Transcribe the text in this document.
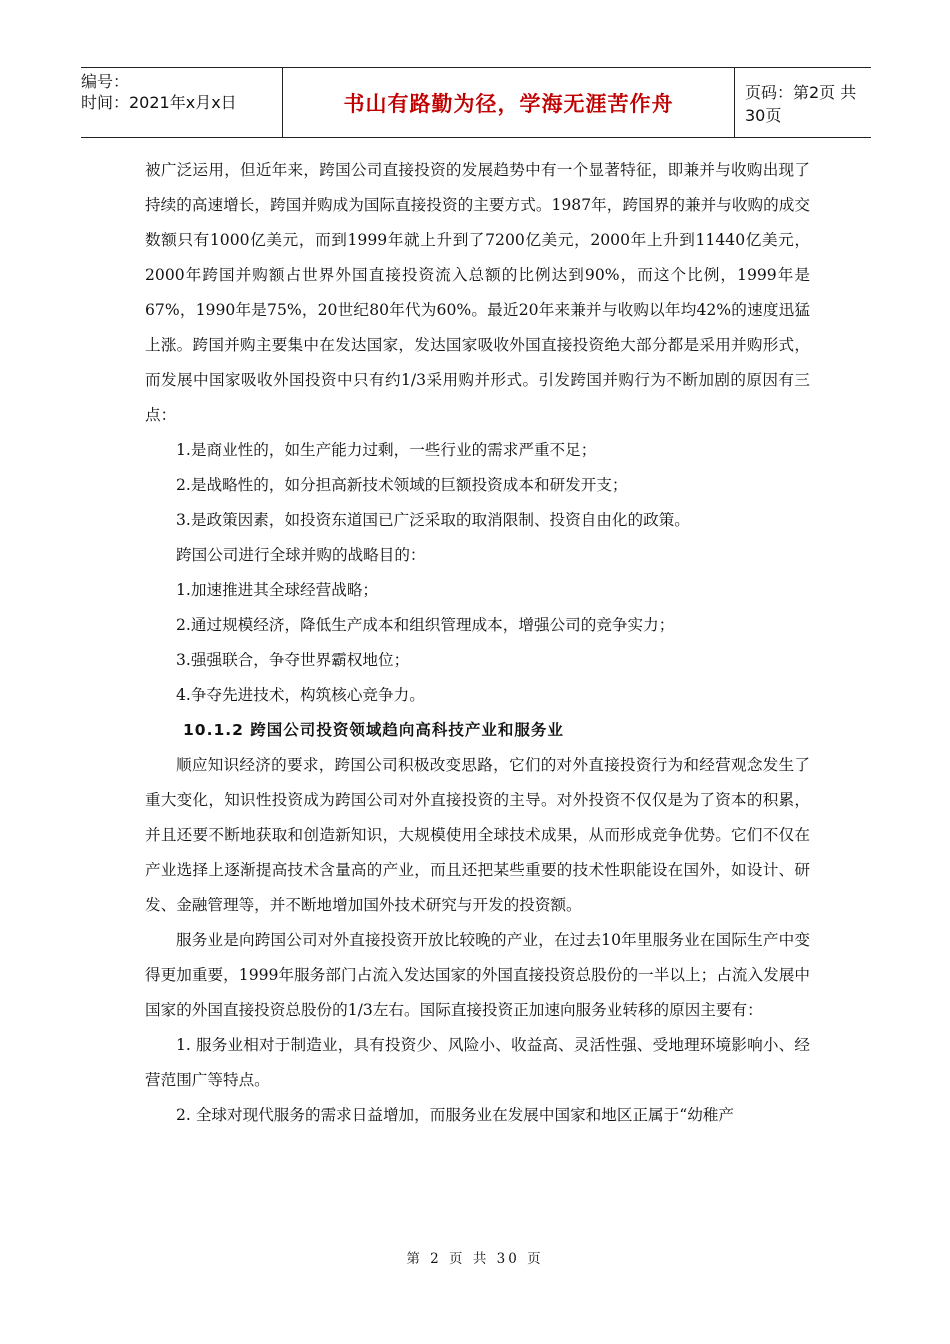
编号：
时间：2021年x月x日	书山有路勤为径，学海无涯苦作舟	页码：第2页 共30页

被广泛运用，但近年来，跨国公司直接投资的发展趋势中有一个显著特征，即兼并与收购出现了持续的高速增长，跨国并购成为国际直接投资的主要方式。1987年，跨国界的兼并与收购的成交数额只有1000亿美元，而到1999年就上升到了7200亿美元，2000年上升到11440亿美元，2000年跨国并购额占世界外国直接投资流入总额的比例达到90%，而这个比例，1999年是67%，1990年是75%，20世纪80年代为60%。最近20年来兼并与收购以年均42%的速度迅猛上涨。跨国并购主要集中在发达国家，发达国家吸收外国直接投资绝大部分都是采用并购形式，而发展中国家吸收外国投资中只有约1/3采用购并形式。引发跨国并购行为不断加剧的原因有三点：

1.是商业性的，如生产能力过剩，一些行业的需求严重不足；

2.是战略性的，如分担高新技术领域的巨额投资成本和研发开支；

3.是政策因素，如投资东道国已广泛采取的取消限制、投资自由化的政策。

跨国公司进行全球并购的战略目的：

1.加速推进其全球经营战略；

2.通过规模经济，降低生产成本和组织管理成本，增强公司的竞争实力；

3.强强联合，争夺世界霸权地位；

4.争夺先进技术，构筑核心竞争力。

10.1.2 跨国公司投资领域趋向高科技产业和服务业

顺应知识经济的要求，跨国公司积极改变思路，它们的对外直接投资行为和经营观念发生了重大变化，知识性投资成为跨国公司对外直接投资的主导。对外投资不仅仅是为了资本的积累，并且还要不断地获取和创造新知识，大规模使用全球技术成果，从而形成竞争优势。它们不仅在产业选择上逐渐提高技术含量高的产业，而且还把某些重要的技术性职能设在国外，如设计、研发、金融管理等，并不断地增加国外技术研究与开发的投资额。

服务业是向跨国公司对外直接投资开放比较晚的产业，在过去10年里服务业在国际生产中变得更加重要，1999年服务部门占流入发达国家的外国直接投资总股份的一半以上；占流入发展中国家的外国直接投资总股份的1/3左右。国际直接投资正加速向服务业转移的原因主要有：

1. 服务业相对于制造业，具有投资少、风险小、收益高、灵活性强、受地理环境影响小、经营范围广等特点。

2. 全球对现代服务的需求日益增加，而服务业在发展中国家和地区正属于“幼稚产

第 2 页 共 30 页
